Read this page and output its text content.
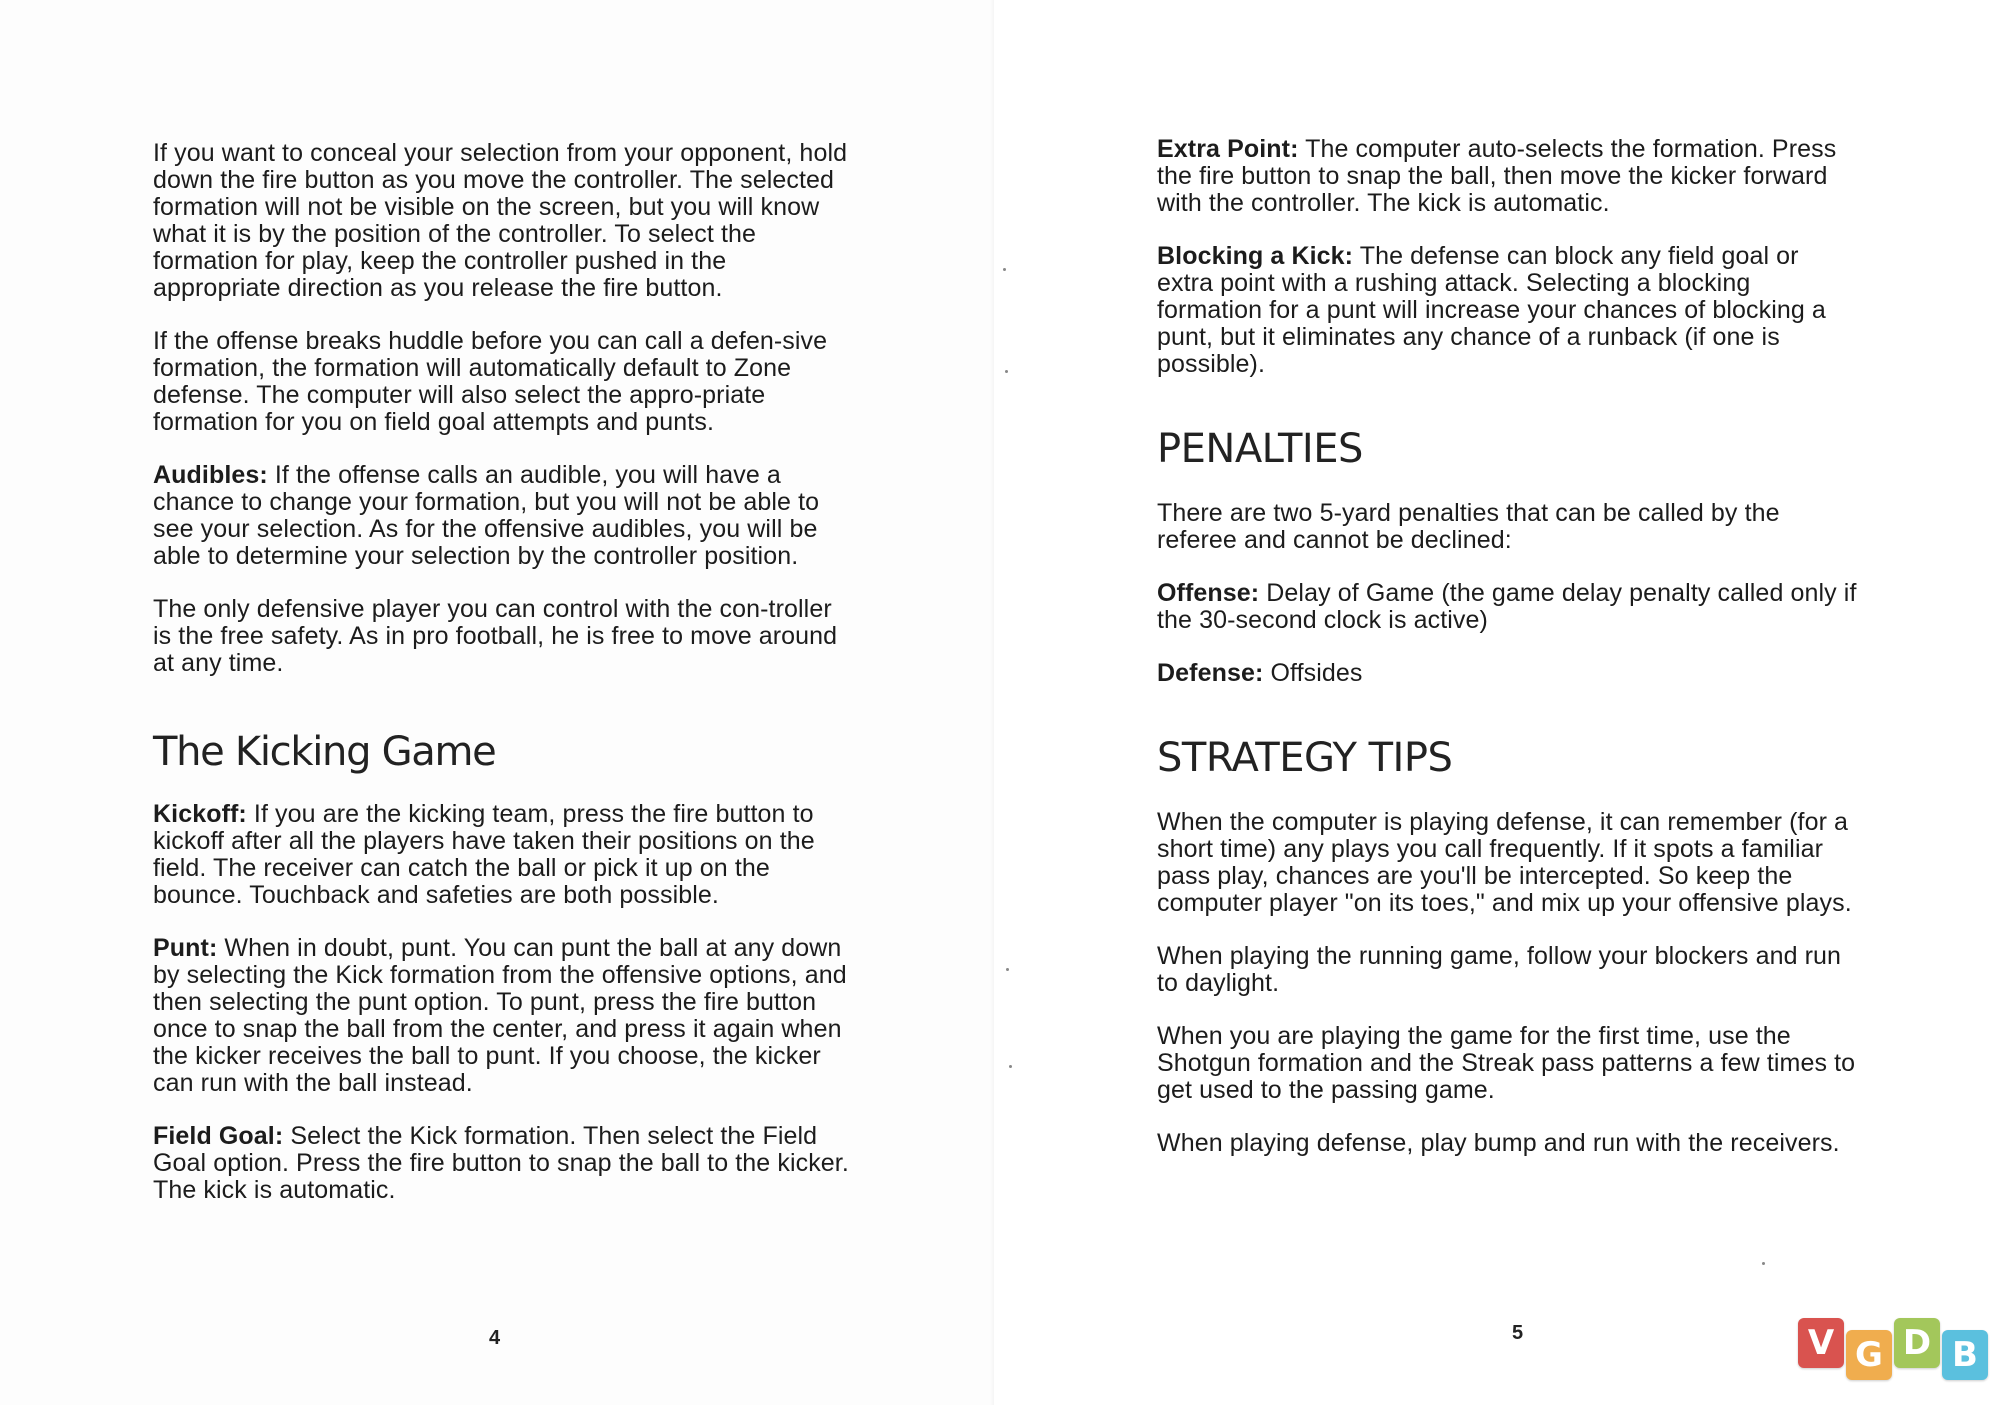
If you want to conceal your selection from your opponent, hold down the fire button as you move the controller. The selected formation will not be visible on the screen, but you will know what it is by the position of the controller. To select the formation for play, keep the controller pushed in the appropriate direction as you release the fire button.

If the offense breaks huddle before you can call a defen-sive formation, the formation will automatically default to Zone defense. The computer will also select the appro-priate formation for you on field goal attempts and punts.

Audibles: If the offense calls an audible, you will have a chance to change your formation, but you will not be able to see your selection. As for the offensive audibles, you will be able to determine your selection by the controller position.

The only defensive player you can control with the con-troller is the free safety. As in pro football, he is free to move around at any time.

The Kicking Game

Kickoff: If you are the kicking team, press the fire button to kickoff after all the players have taken their positions on the field. The receiver can catch the ball or pick it up on the bounce. Touchback and safeties are both possible.

Punt: When in doubt, punt. You can punt the ball at any down by selecting the Kick formation from the offensive options, and then selecting the punt option. To punt, press the fire button once to snap the ball from the center, and press it again when the kicker receives the ball to punt. If you choose, the kicker can run with the ball instead.

Field Goal: Select the Kick formation. Then select the Field Goal option. Press the fire button to snap the ball to the kicker. The kick is automatic.

4

Extra Point: The computer auto-selects the formation. Press the fire button to snap the ball, then move the kicker forward with the controller. The kick is automatic.

Blocking a Kick: The defense can block any field goal or extra point with a rushing attack. Selecting a blocking formation for a punt will increase your chances of blocking a punt, but it eliminates any chance of a runback (if one is possible).

PENALTIES

There are two 5-yard penalties that can be called by the referee and cannot be declined:

Offense: Delay of Game (the game delay penalty called only if the 30-second clock is active)

Defense: Offsides

STRATEGY TIPS

When the computer is playing defense, it can remember (for a short time) any plays you call frequently. If it spots a familiar pass play, chances are you'll be intercepted. So keep the computer player "on its toes," and mix up your offensive plays.

When playing the running game, follow your blockers and run to daylight.

When you are playing the game for the first time, use the Shotgun formation and the Streak pass patterns a few times to get used to the passing game.

When playing defense, play bump and run with the receivers.

5	V G D B
